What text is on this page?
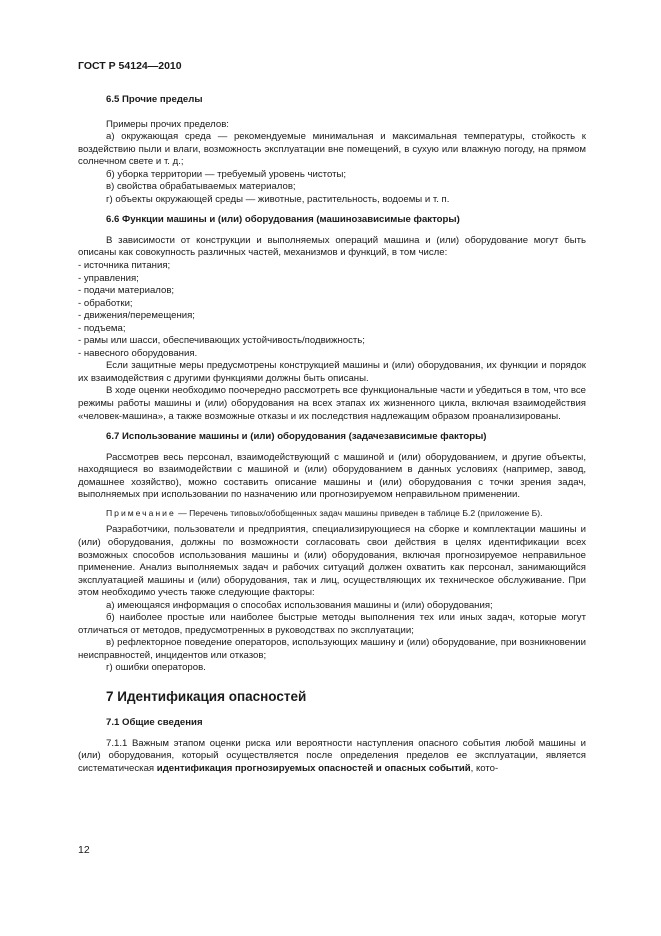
ГОСТ Р 54124—2010

6.5 Прочие пределы

Примеры прочих пределов:

а) окружающая среда — рекомендуемые минимальная и максимальная температуры, стойкость к воздействию пыли и влаги, возможность эксплуатации вне помещений, в сухую или влажную погоду, на прямом солнечном свете и т. д.;

б) уборка территории — требуемый уровень чистоты;

в) свойства обрабатываемых материалов;

г) объекты окружающей среды — животные, растительность, водоемы и т. п.

6.6 Функции машины и (или) оборудования (машинозависимые факторы)

В зависимости от конструкции и выполняемых операций машина и (или) оборудование могут быть описаны как совокупность различных частей, механизмов и функций, в том числе:

- источника питания;

- управления;

- подачи материалов;

- обработки;

- движения/перемещения;

- подъема;

- рамы или шасси, обеспечивающих устойчивость/подвижность;

- навесного оборудования.

Если защитные меры предусмотрены конструкцией машины и (или) оборудования, их функции и порядок их взаимодействия с другими функциями должны быть описаны.

В ходе оценки необходимо поочередно рассмотреть все функциональные части и убедиться в том, что все режимы работы машины и (или) оборудования на всех этапах их жизненного цикла, включая взаимодействия «человек-машина», а также возможные отказы и их последствия надлежащим образом проанализированы.

6.7 Использование машины и (или) оборудования (задачезависимые факторы)

Рассмотрев весь персонал, взаимодействующий с машиной и (или) оборудованием, и другие объекты, находящиеся во взаимодействии с машиной и (или) оборудованием в данных условиях (например, завод, домашнее хозяйство), можно составить описание машины и (или) оборудования с точки зрения задач, выполняемых при использовании по назначению или прогнозируемом неправильном применении.

Примечание — Перечень типовых/обобщенных задач машины приведен в таблице Б.2 (приложение Б).

Разработчики, пользователи и предприятия, специализирующиеся на сборке и комплектации машины и (или) оборудования, должны по возможности согласовать свои действия в целях идентификации всех возможных способов использования машины и (или) оборудования, включая прогнозируемое неправильное применение. Анализ выполняемых задач и рабочих ситуаций должен охватить как персонал, занимающийся эксплуатацией машины и (или) оборудования, так и лиц, осуществляющих их техническое обслуживание. При этом необходимо учесть также следующие факторы:

а) имеющаяся информация о способах использования машины и (или) оборудования;

б) наиболее простые или наиболее быстрые методы выполнения тех или иных задач, которые могут отличаться от методов, предусмотренных в руководствах по эксплуатации;

в) рефлекторное поведение операторов, использующих машину и (или) оборудование, при возникновении неисправностей, инцидентов или отказов;

г) ошибки операторов.

7 Идентификация опасностей

7.1 Общие сведения

7.1.1 Важным этапом оценки риска или вероятности наступления опасного события любой машины и (или) оборудования, который осуществляется после определения пределов ее эксплуатации, является систематическая идентификация прогнозируемых опасностей и опасных событий, кото-

12
